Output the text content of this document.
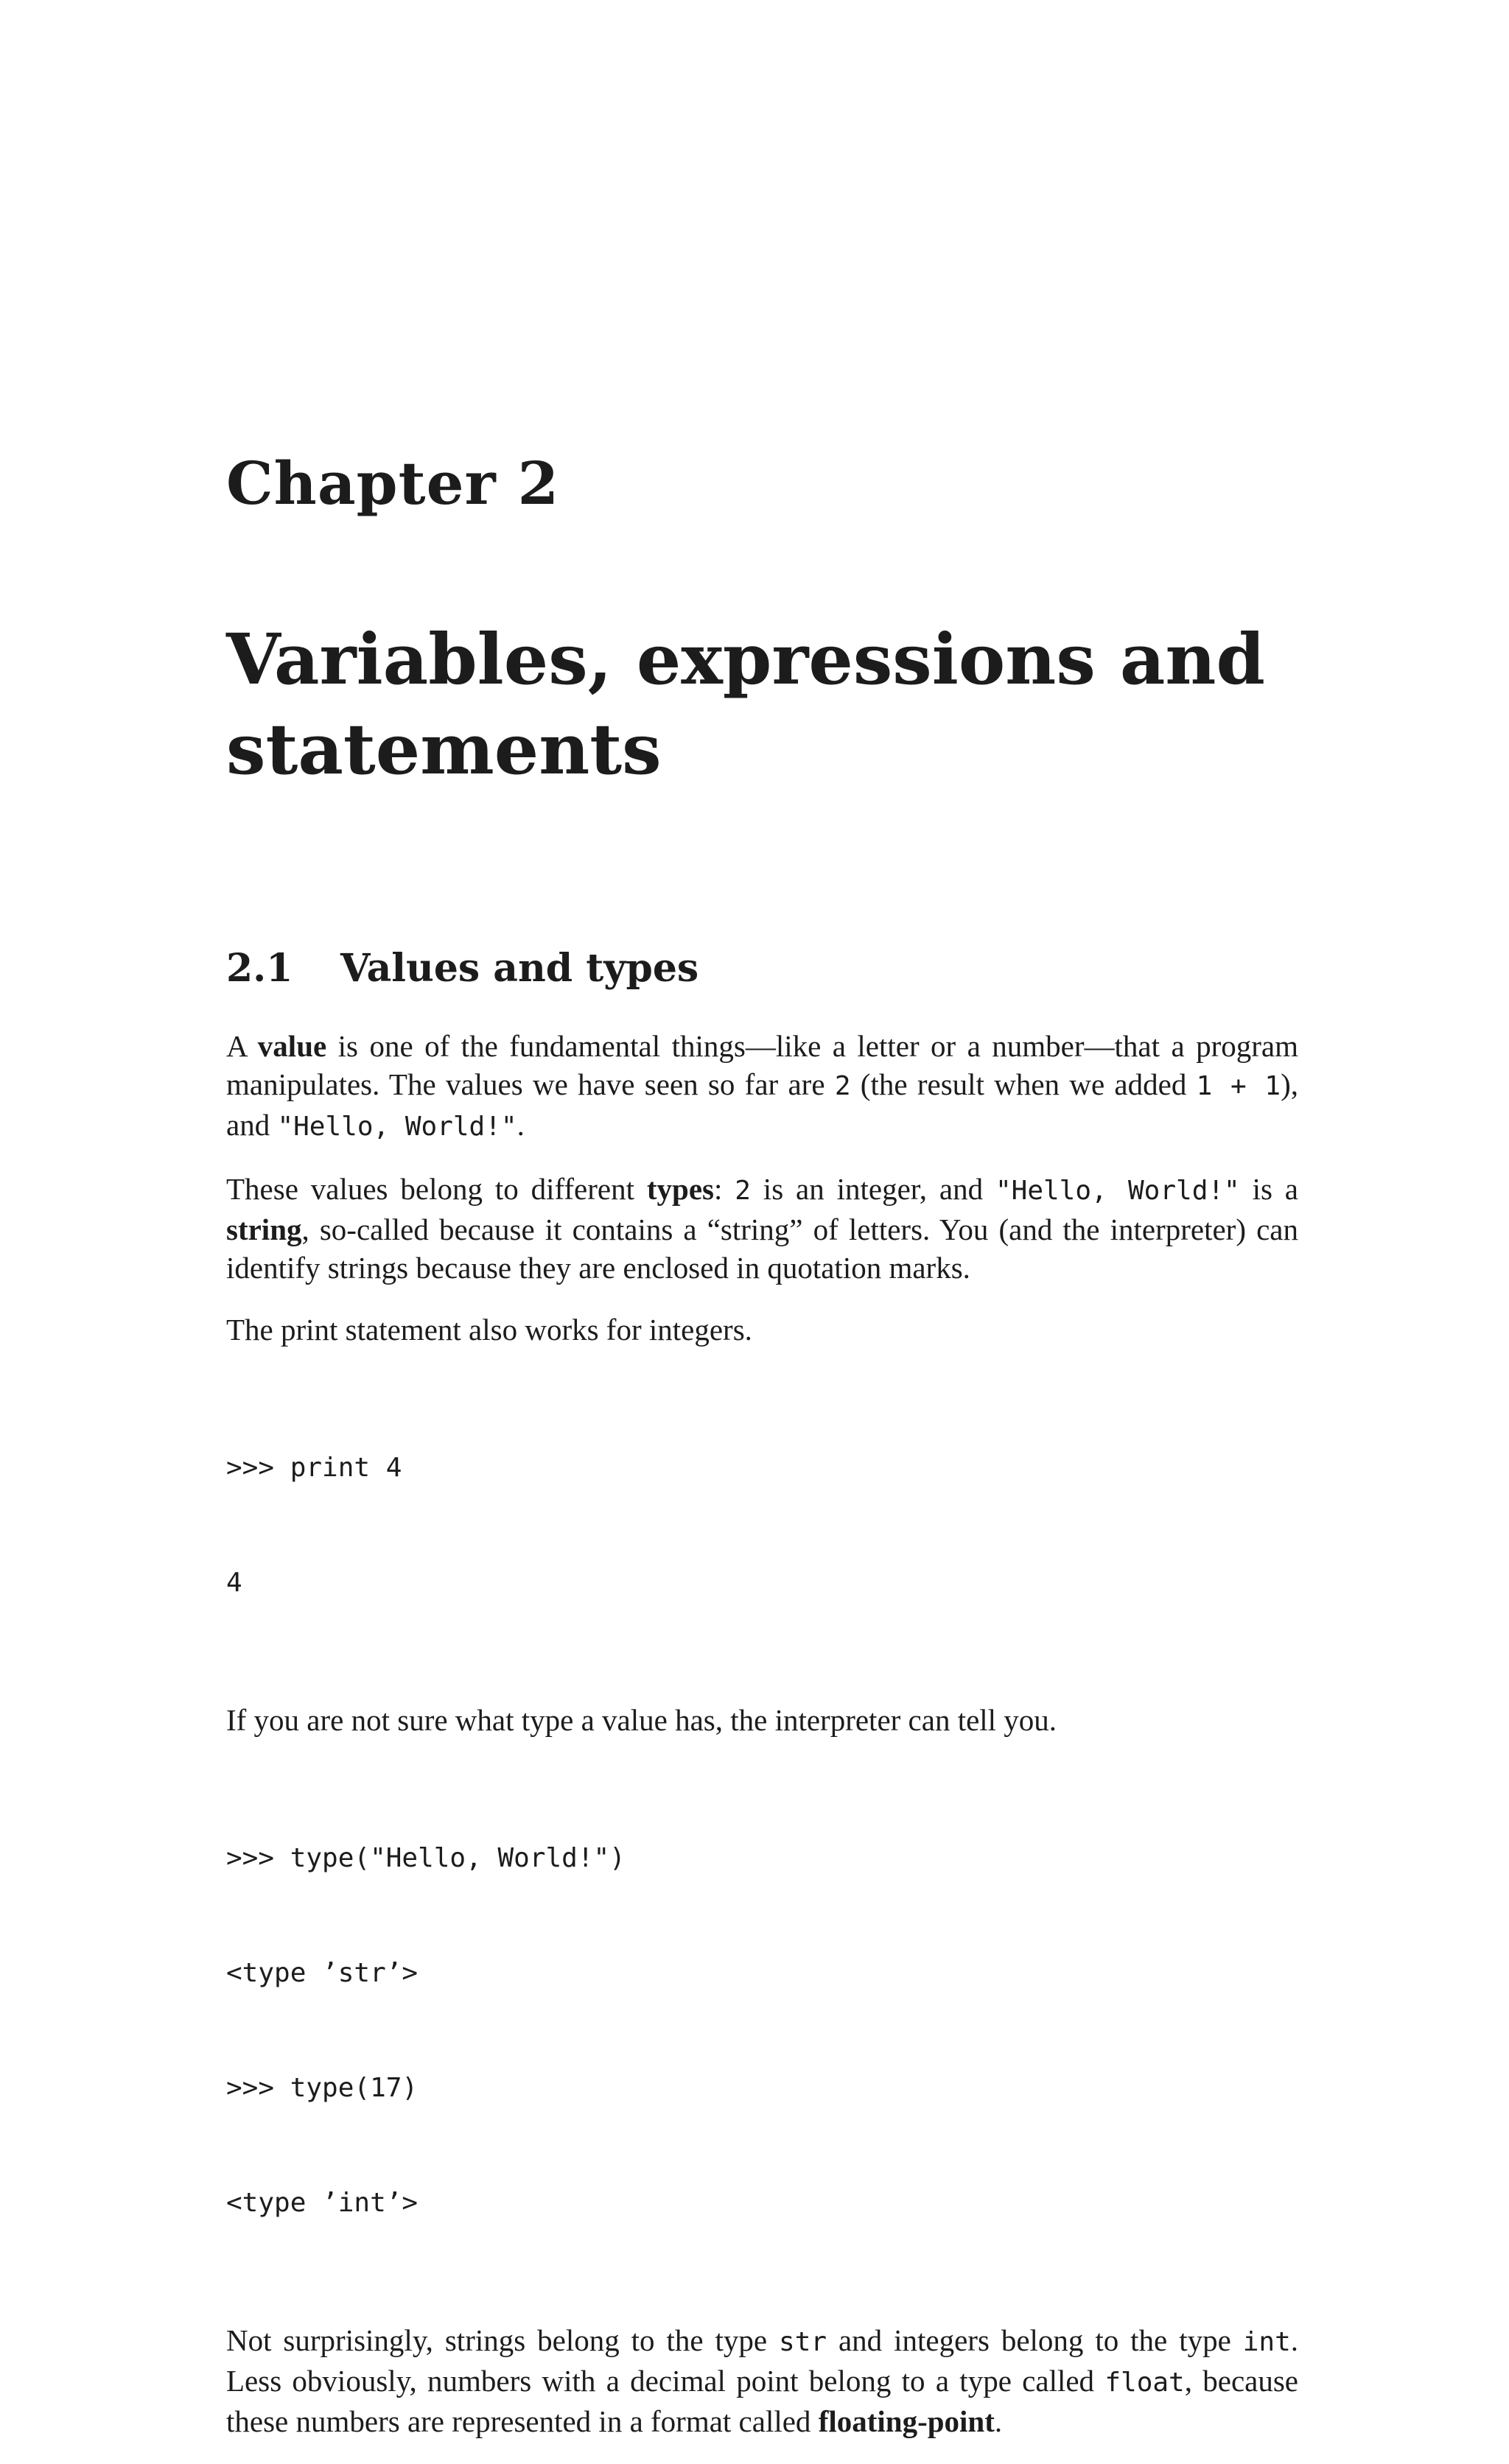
Chapter 2
Variables, expressions and statements
2.1 Values and types

A value is one of the fundamental things—like a letter or a number—that a program manipulates. The values we have seen so far are 2 (the result when we added 1 + 1), and "Hello, World!".

These values belong to different types: 2 is an integer, and "Hello, World!" is a string, so-called because it contains a “string” of letters. You (and the interpreter) can identify strings because they are enclosed in quotation marks.

The print statement also works for integers.

>>> print 4

4

If you are not sure what type a value has, the interpreter can tell you.

>>> type("Hello, World!")

<type ’str’>

>>> type(17)

<type ’int’>

Not surprisingly, strings belong to the type str and integers belong to the type int. Less obviously, numbers with a decimal point belong to a type called float, because these numbers are represented in a format called floating-point.
